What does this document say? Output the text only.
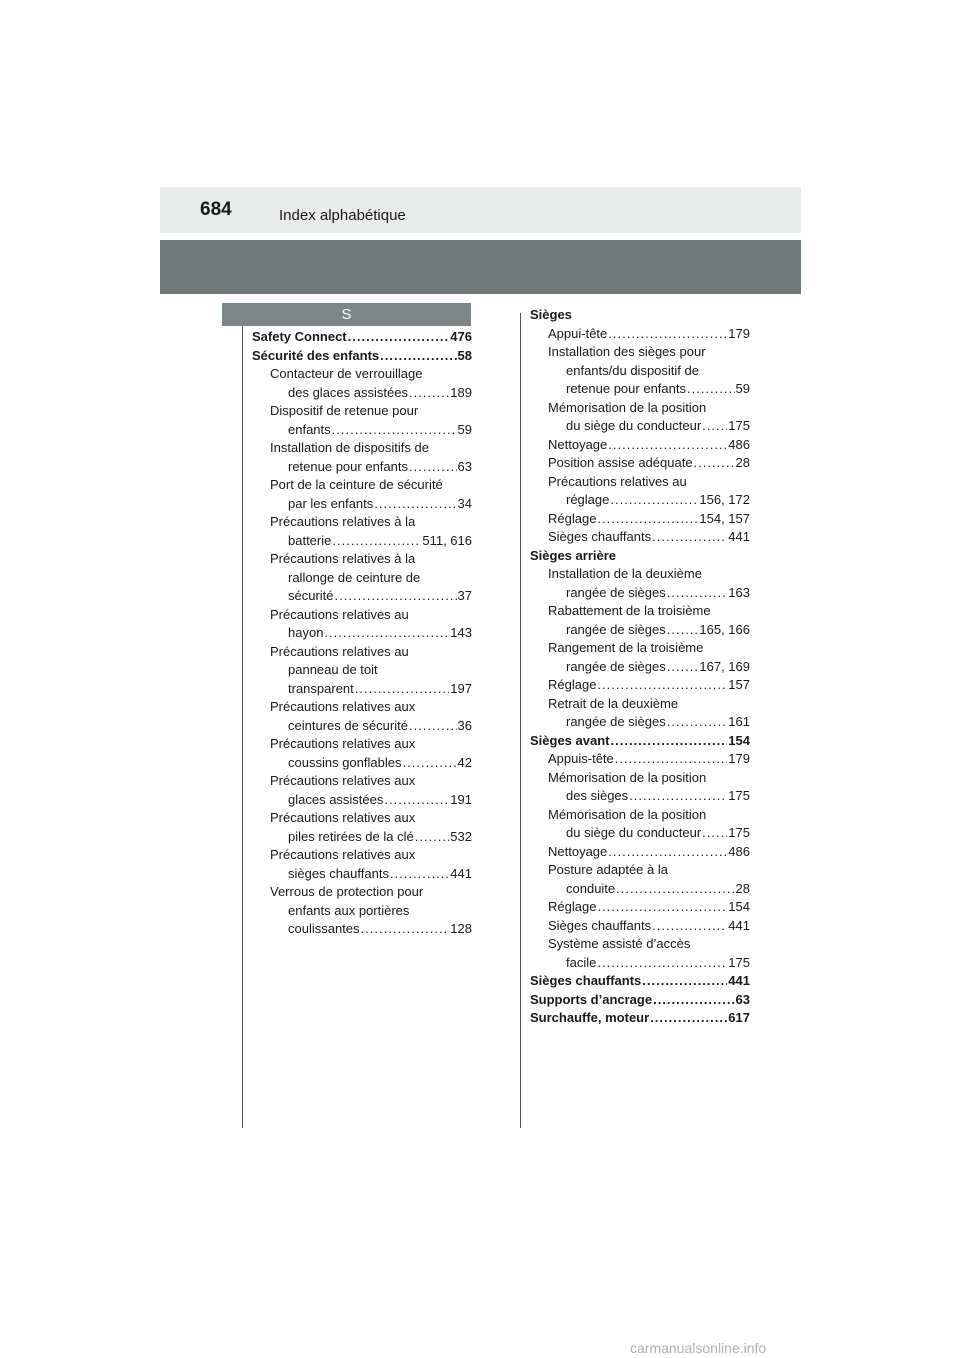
684	Index alphabétique
S
Safety Connect .....	476
Sécurité des enfants .....	58
Contacteur de verrouillage
des glaces assistées .....	189
Dispositif de retenue pour
enfants .....	59
Installation de dispositifs de
retenue pour enfants .....	63
Port de la ceinture de sécurité
par les enfants .....	34
Précautions relatives à la
batterie .....	511, 616
Précautions relatives à la
rallonge de ceinture de
sécurité .....	37
Précautions relatives au
hayon .....	143
Précautions relatives au
panneau de toit
transparent .....	197
Précautions relatives aux
ceintures de sécurité .....	36
Précautions relatives aux
coussins gonflables .....	42
Précautions relatives aux
glaces assistées .....	191
Précautions relatives aux
piles retirées de la clé .....	532
Précautions relatives aux
sièges chauffants .....	441
Verrous de protection pour
enfants aux portières
coulissantes .....	128
Sièges
Appui-tête .....	179
Installation des sièges pour
enfants/du dispositif de
retenue pour enfants .....	59
Mémorisation de la position
du siège du conducteur ..... 175
Nettoyage .....	486
Position assise adéquate .....	28
Précautions relatives au
réglage .....	156, 172
Réglage .....	154, 157
Sièges chauffants .....	441
Sièges arrière
Installation de la deuxième
rangée de sièges .....	163
Rabattement de la troisième
rangée de sièges .....	165, 166
Rangement de la troisième
rangée de sièges .....	167, 169
Réglage .....	157
Retrait de la deuxième
rangée de sièges .....	161
Sièges avant .....	154
Appuis-tête .....	179
Mémorisation de la position
des sièges .....	175
Mémorisation de la position
du siège du conducteur ..... 175
Nettoyage .....	486
Posture adaptée à la
conduite .....	28
Réglage .....	154
Sièges chauffants .....	441
Système assisté d’accès
facile .....	175
Sièges chauffants .....	441
Supports d’ancrage .....	63
Surchauffe, moteur .....	617
carmanualsonline.info
